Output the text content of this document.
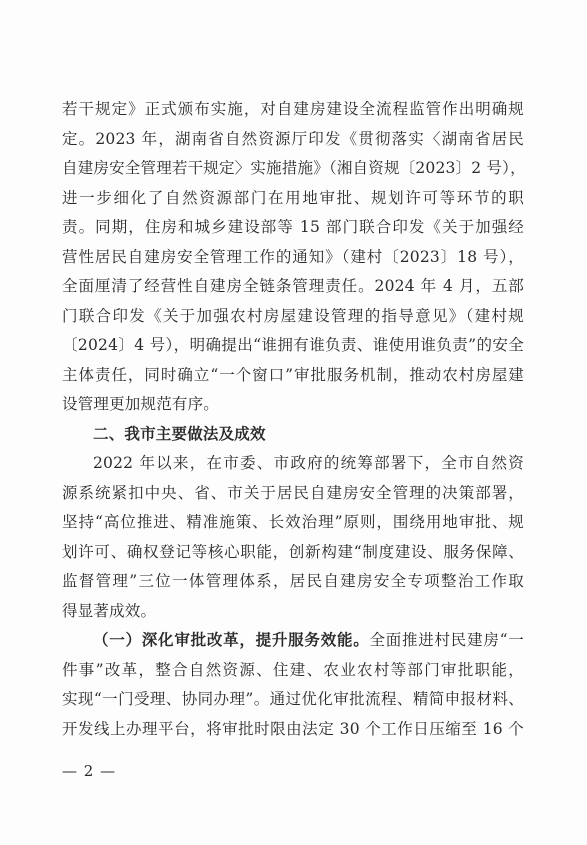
若干规定》正式颁布实施，对自建房建设全流程监管作出明确规
定。2023 年，湖南省自然资源厅印发《贯彻落实〈湖南省居民
自建房安全管理若干规定〉实施措施》（湘自资规〔2023〕2 号），
进一步细化了自然资源部门在用地审批、规划许可等环节的职
责。同期，住房和城乡建设部等 15 部门联合印发《关于加强经
营性居民自建房安全管理工作的通知》（建村〔2023〕18 号），
全面厘清了经营性自建房全链条管理责任。2024 年 4 月，五部
门联合印发《关于加强农村房屋建设管理的指导意见》（建村规
〔2024〕4 号），明确提出“谁拥有谁负责、谁使用谁负责”的安全
主体责任，同时确立“一个窗口”审批服务机制，推动农村房屋建
设管理更加规范有序。
二、我市主要做法及成效
2022 年以来，在市委、市政府的统筹部署下，全市自然资
源系统紧扣中央、省、市关于居民自建房安全管理的决策部署，
坚持“高位推进、精准施策、长效治理”原则，围绕用地审批、规
划许可、确权登记等核心职能，创新构建“制度建设、服务保障、
监督管理”三位一体管理体系，居民自建房安全专项整治工作取
得显著成效。
（一）深化审批改革，提升服务效能。全面推进村民建房“一
件事”改革，整合自然资源、住建、农业农村等部门审批职能，
实现“一门受理、协同办理”。通过优化审批流程、精简申报材料、
开发线上办理平台，将审批时限由法定 30 个工作日压缩至 16 个
— 2 —
